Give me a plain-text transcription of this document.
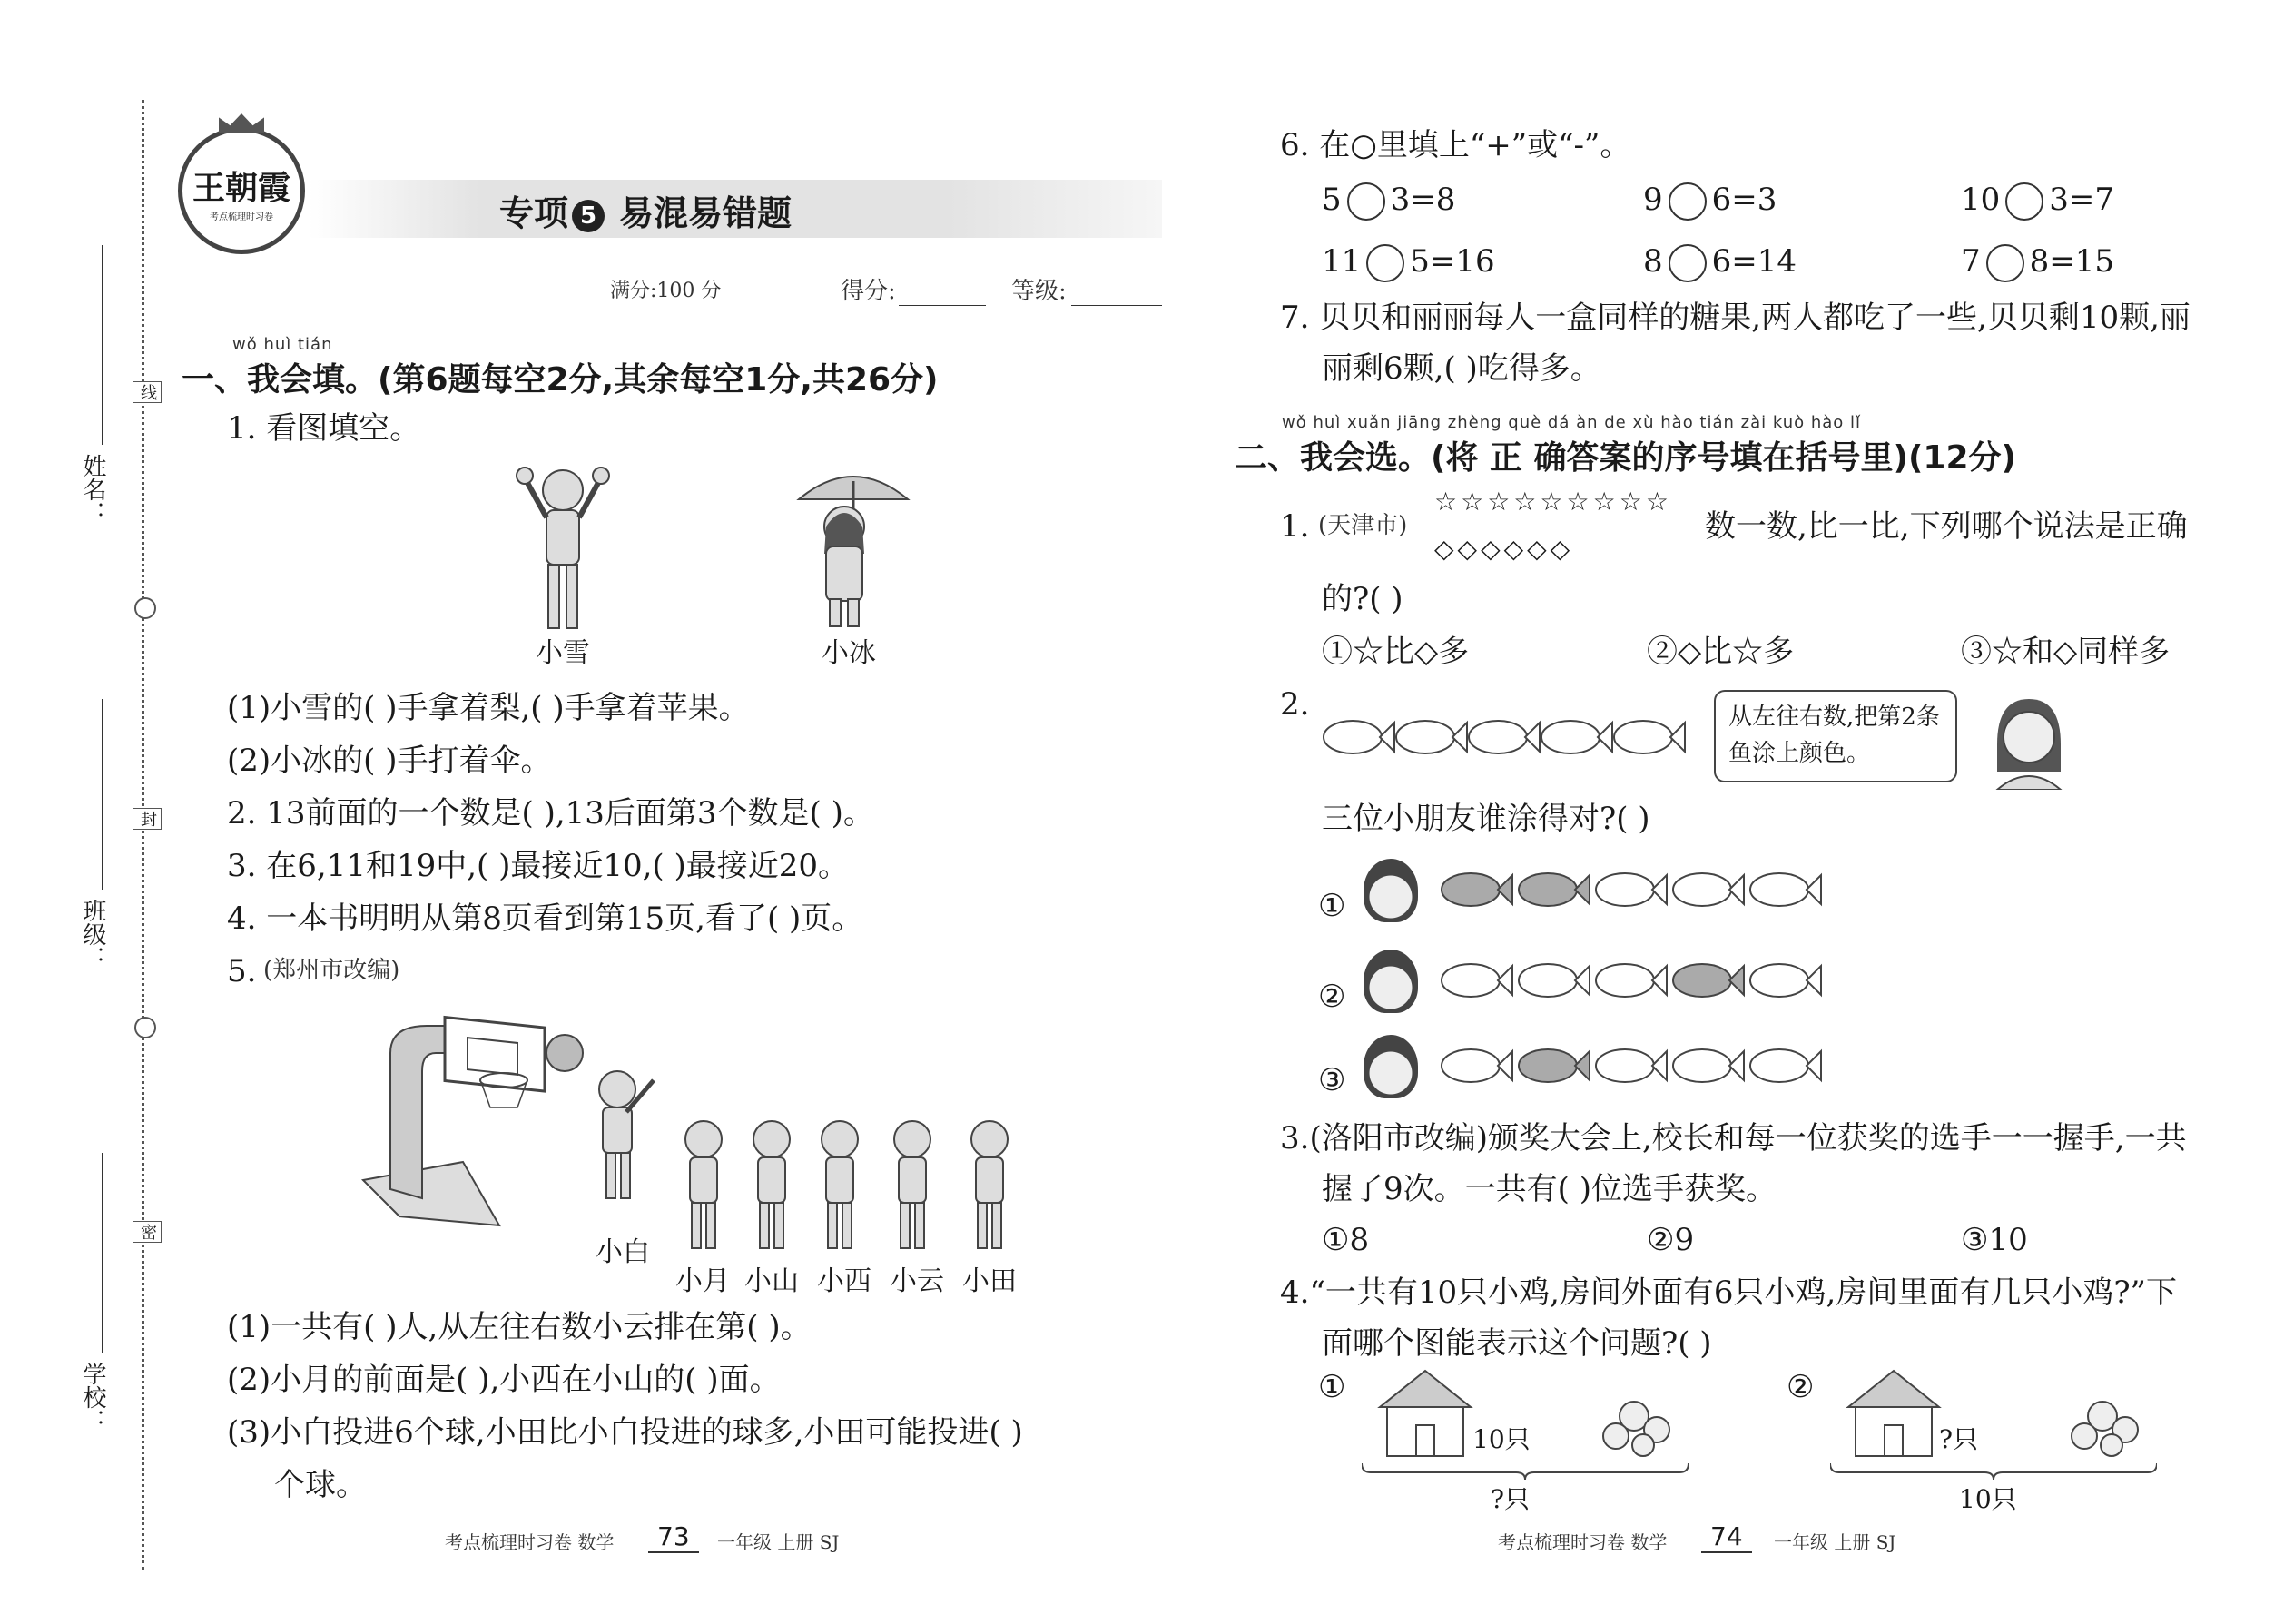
姓名：
班级：
学校：
线
封
密
王朝霞
考点梳理时习卷	专项 5 易混易错题
满分:100 分	得分:	等级:
wǒ huì tián
一、我会填。(第6题每空2分,其余每空1分,共26分)
1. 看图填空。
小雪	小冰
(1)小雪的( )手拿着梨,( )手拿着苹果。
(2)小冰的( )手打着伞。
2. 13前面的一个数是( ),13后面第3个数是( )。
3. 在6,11和19中,( )最接近10,( )最接近20。
4. 一本书明明从第8页看到第15页,看了( )页。
5. (郑州市改编)
小白
小月 小山 小西 小云 小田
(1)一共有( )人,从左往右数小云排在第( )。
(2)小月的前面是( ),小西在小山的( )面。
(3)小白投进6个球,小田比小白投进的球多,小田可能投进( )
个球。
考点梳理时习卷 数学	73	一年级 上册 SJ
6. 在○里填上“+”或“-”。
5 3=8	9 6=3	10 3=7
11 5=16	8 6=14	7 8=15
7. 贝贝和丽丽每人一盒同样的糖果,两人都吃了一些,贝贝剩10颗,丽
丽剩6颗,( )吃得多。
wǒ huì xuǎn jiāng zhèng què dá àn de xù hào tián zài kuò hào lǐ
二、我会选。(将 正 确答案的序号填在括号里)(12分)
1. (天津市)
☆☆☆☆☆☆☆☆☆
◇◇◇◇◇◇
数一数,比一比,下列哪个说法是正确
的?( )
①☆比◇多	②◇比☆多	③☆和◇同样多
2.	从左往右数,把第2条鱼涂上颜色。
三位小朋友谁涂得对?( )
①
②
③
3.(洛阳市改编)颁奖大会上,校长和每一位获奖的选手一一握手,一共
握了9次。一共有( )位选手获奖。
①8	②9	③10
4.“一共有10只小鸡,房间外面有6只小鸡,房间里面有几只小鸡?”下
面哪个图能表示这个问题?( )
①
10只
?只
②
?只
10只
考点梳理时习卷 数学	74	一年级 上册 SJ
